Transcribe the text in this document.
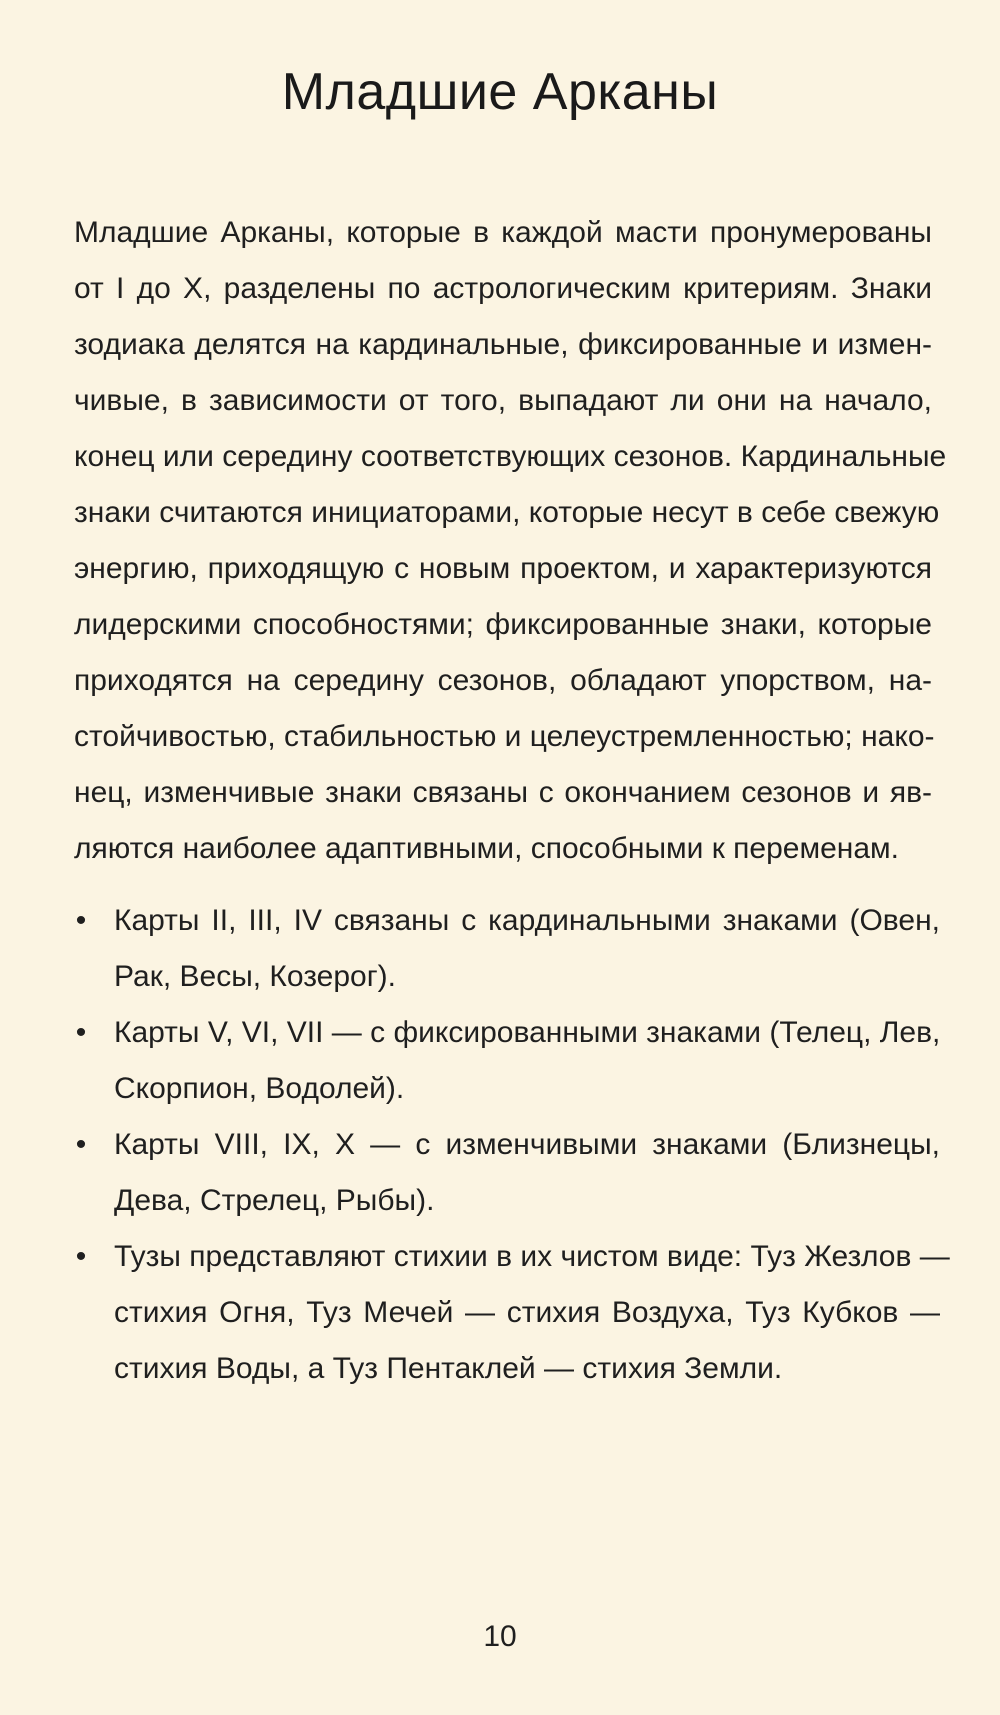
Младшие Арканы

Младшие Арканы, которые в каждой масти пронумерованы
от I до X, разделены по астрологическим критериям. Знаки
зодиака делятся на кардинальные, фиксированные и измен-
чивые, в зависимости от того, выпадают ли они на начало,
конец или середину соответствующих сезонов. Кардинальные
знаки считаются инициаторами, которые несут в себе свежую
энергию, приходящую с новым проектом, и характеризуются
лидерскими способностями; фиксированные знаки, которые
приходятся на середину сезонов, обладают упорством, на-
стойчивостью, стабильностью и целеустремленностью; нако-
нец, изменчивые знаки связаны с окончанием сезонов и яв-
ляются наиболее адаптивными, способными к переменам.

• Карты II, III, IV связаны с кардинальными знаками (Овен,
Рак, Весы, Козерог).
• Карты V, VI, VII — с фиксированными знаками (Телец, Лев,
Скорпион, Водолей).
• Карты VIII, IX, X — с изменчивыми знаками (Близнецы,
Дева, Стрелец, Рыбы).
• Тузы представляют стихии в их чистом виде: Туз Жезлов —
стихия Огня, Туз Мечей — стихия Воздуха, Туз Кубков —
стихия Воды, а Туз Пентаклей — стихия Земли.
10
